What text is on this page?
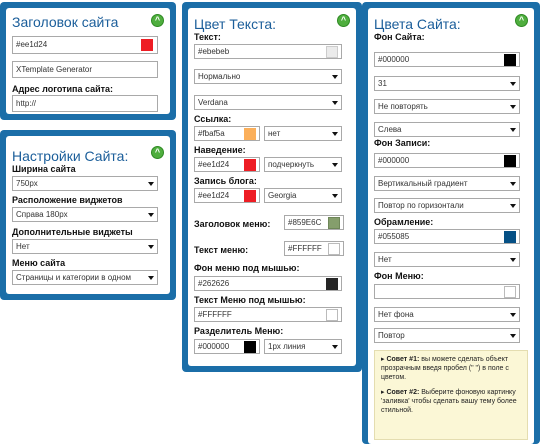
Заголовок сайта	^
#ee1d24
XTemplate Generator
Адрес логотипа сайта:
http://
Настройки Сайта:	^
Ширина сайта
750px
Расположение виджетов
Справа 180px
Дополнительные виджеты
Нет
Меню сайта
Страницы и категории в одном
Цвет Текста:	^
Текст:
#ebebeb
Нормально
Verdana
Ссылка:
#fbaf5a	нет
Наведение:
#ee1d24	подчеркнуть
Запись блога:
#ee1d24	Georgia
Заголовок меню:	#859E6C
Текст меню:	#FFFFFF
Фон меню под мышью:
#262626
Текст Меню под мышью:
#FFFFFF
Разделитель Меню:
#000000	1px линия
Цвета Сайта:	^
Фон Сайта:
#000000
31
Не повторять
Слева
Фон Записи:
#000000
Вертикальный градиент
Повтор по горизонтали
Обрамление:
#055085
Нет
Фон Меню:
Нет фона
Повтор

▸ Совет #1: вы можете сделать объект прозрачным введя пробел (" ") в поле с цветом.

▸ Совет #2: Выберите фоновую картинку 'заливка' чтобы сделать вашу тему более стильной.
